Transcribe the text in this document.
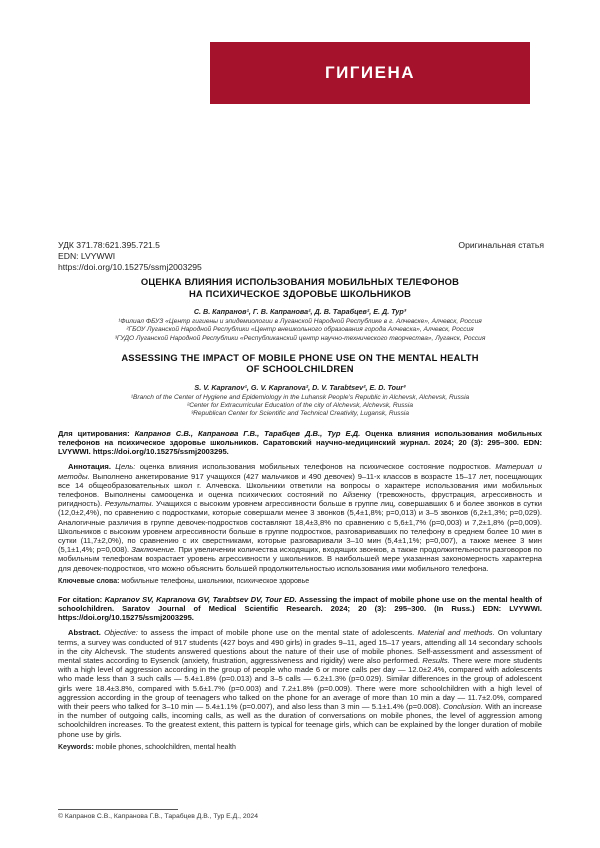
ГИГИЕНА
УДК 371.78:621.395.721.5
EDN: LVYWWI
https://doi.org/10.15275/ssmj2003295
Оригинальная статья
ОЦЕНКА ВЛИЯНИЯ ИСПОЛЬЗОВАНИЯ МОБИЛЬНЫХ ТЕЛЕФОНОВ
НА ПСИХИЧЕСКОЕ ЗДОРОВЬЕ ШКОЛЬНИКОВ
С. В. Капранов¹, Г. В. Капранова², Д. В. Тарабцев², Е. Д. Тур³
¹Филиал ФБУЗ «Центр гигиены и эпидемиологии в Луганской Народной Республике в г. Алчевске», Алчевск, Россия
²ГБОУ Луганской Народной Республики «Центр внешкольного образования города Алчевска», Алчевск, Россия
³ГУДО Луганской Народной Республики «Республиканский центр научно-технического творчества», Луганск, Россия
ASSESSING THE IMPACT OF MOBILE PHONE USE ON THE MENTAL HEALTH
OF SCHOOLCHILDREN
S. V. Kapranov¹, G. V. Kapranova², D. V. Tarabtsev², E. D. Tour³
¹Branch of the Center of Hygiene and Epidemiology in the Luhansk People’s Republic in Alchevsk, Alchevsk, Russia
²Center for Extracurricular Education of the city of Alchevsk, Alchevsk, Russia
³Republican Center for Scientific and Technical Creativity, Lugansk, Russia

Для цитирования: Капранов С.В., Капранова Г.В., Тарабцев Д.В., Тур Е.Д. Оценка влияния использования мобильных телефонов на психическое здоровье школьников. Саратовский научно-медицинский журнал. 2024; 20 (3): 295–300. EDN: LVYWWI. https://doi.org/10.15275/ssmj2003295.

Аннотация. Цель: оценка влияния использования мобильных телефонов на психическое состояние подростков. Материал и методы. Выполнено анкетирование 917 учащихся (427 мальчиков и 490 девочек) 9–11-х классов в возрасте 15–17 лет, посещающих все 14 общеобразовательных школ г. Алчевска. Школьники ответили на вопросы о характере использования ими мобильных телефонов. Выполнены самооценка и оценка психических состояний по Айзенку (тревожность, фрустрация, агрессивность и ригидность). Результаты. Учащихся с высоким уровнем агрессивности больше в группе лиц, совершавших 6 и более звонков в сутки (12,0±2,4%), по сравнению с подростками, которые совершали менее 3 звонков (5,4±1,8%; p=0,013) и 3–5 звонков (6,2±1,3%; p=0,029). Аналогичные различия в группе девочек-подростков составляют 18,4±3,8% по сравнению с 5,6±1,7% (p=0,003) и 7,2±1,8% (p=0,009). Школьников с высоким уровнем агрессивности больше в группе подростков, разговаривавших по телефону в среднем более 10 мин в сутки (11,7±2,0%), по сравнению с их сверстниками, которые разговаривали 3–10 мин (5,4±1,1%; p=0,007), а также менее 3 мин (5,1±1,4%; p=0,008). Заключение. При увеличении количества исходящих, входящих звонков, а также продолжительности разговоров по мобильным телефонам возрастает уровень агрессивности у школьников. В наибольшей мере указанная закономерность характерна для девочек-подростков, что можно объяснить большей продолжительностью использования ими мобильного телефона.

Ключевые слова: мобильные телефоны, школьники, психическое здоровье

For citation: Kapranov SV, Kapranova GV, Tarabtsev DV, Tour ED. Assessing the impact of mobile phone use on the mental health of schoolchildren. Saratov Journal of Medical Scientific Research. 2024; 20 (3): 295–300. (In Russ.) EDN: LVYWWI. https://doi.org/10.15275/ssmj2003295.

Abstract. Objective: to assess the impact of mobile phone use on the mental state of adolescents. Material and methods. On voluntary terms, a survey was conducted of 917 students (427 boys and 490 girls) in grades 9–11, aged 15–17 years, attending all 14 secondary schools in the city Alchevsk. The students answered questions about the nature of their use of mobile phones. Self-assessment and assessment of mental states according to Eysenck (anxiety, frustration, aggressiveness and rigidity) were also performed. Results. There were more students with a high level of aggression according in the group of people who made 6 or more calls per day — 12.0±2.4%, compared with adolescents who made less than 3 such calls — 5.4±1.8% (p=0.013) and 3–5 calls — 6.2±1.3% (p=0.029). Similar differences in the group of adolescent girls were 18.4±3.8%, compared with 5.6±1.7% (p=0.003) and 7.2±1.8% (p=0.009). There were more schoolchildren with a high level of aggression according in the group of teenagers who talked on the phone for an average of more than 10 min a day — 11.7±2.0%, compared with their peers who talked for 3–10 min — 5.4±1.1% (p=0.007), and also less than 3 min — 5.1±1.4% (p=0.008). Conclusion. With an increase in the number of outgoing calls, incoming calls, as well as the duration of conversations on mobile phones, the level of aggression among schoolchildren increases. To the greatest extent, this pattern is typical for teenage girls, which can be explained by the longer duration of mobile phone use by girls.

Keywords: mobile phones, schoolchildren, mental health
© Капранов С.В., Капранова Г.В., Тарабцев Д.В., Тур Е.Д., 2024
